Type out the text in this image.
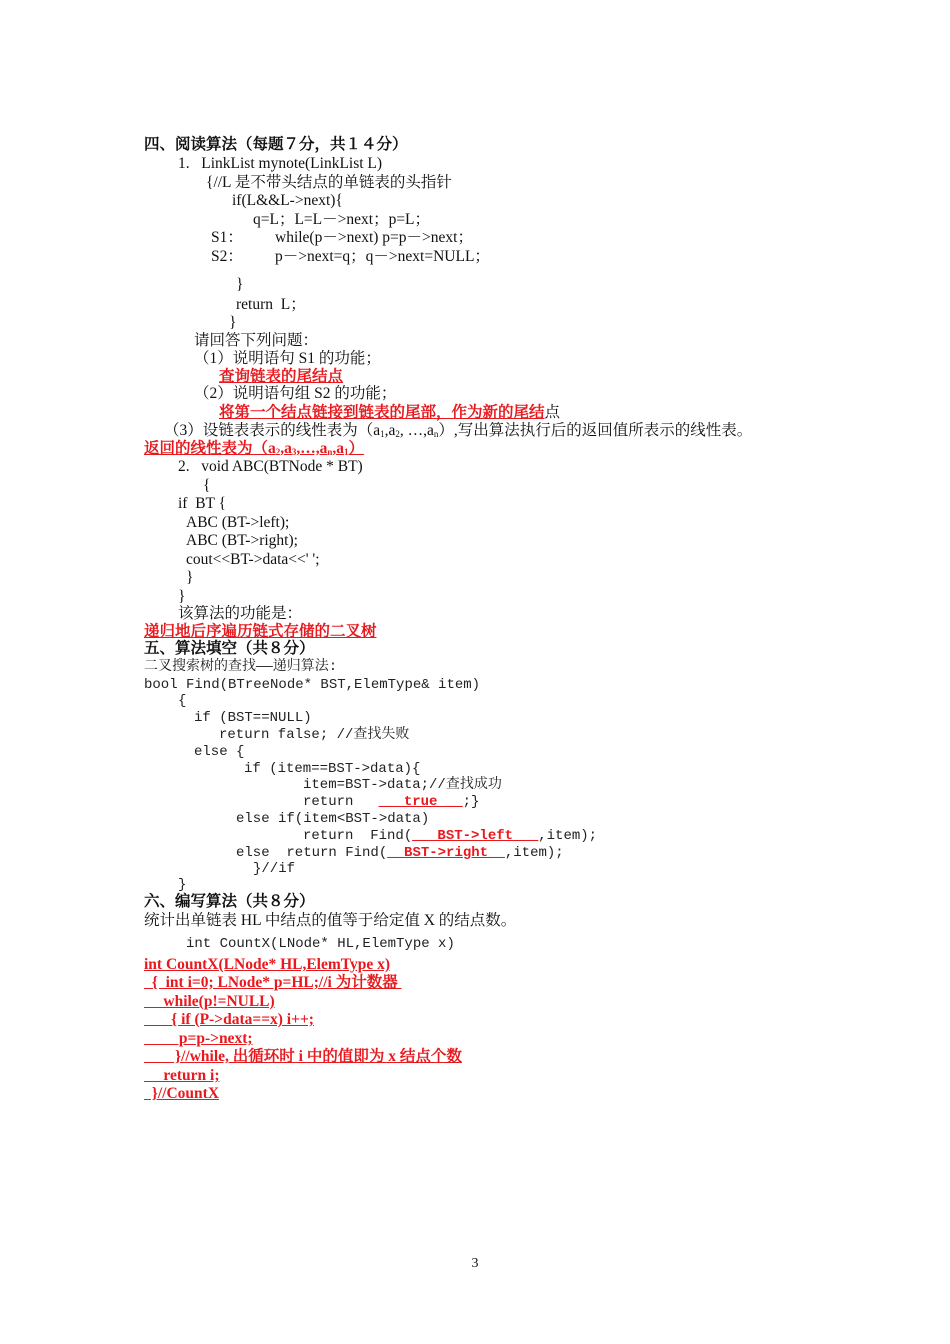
四、阅读算法（每题７分，共１４分）
1.   LinkList mynote(LinkList L)
{//L 是不带头结点的单链表的头指针
if(L&&L->next){
q=L；L=L－>next；p=L；
S1： while(p－>next) p=p－>next；
S2： p－>next=q；q－>next=NULL；
}
return  L；
}
请回答下列问题：
（1）说明语句 S1 的功能；
查询链表的尾结点
（2）说明语句组 S2 的功能；
将第一个结点链接到链表的尾部，作为新的尾结点
（3）设链表表示的线性表为（$a_1,a_2$, $\dots,a_n$）,写出算法执行后的返回值所表示的线性表。
返回的线性表为$(a_2,a_3,\dots,a_n,a_1)$
2.   void ABC(BTNode * BT)
{
if  BT {
ABC (BT->left);
ABC (BT->right);
cout<<BT->data<<' ';
}
}
该算法的功能是：
递归地后序遍历链式存储的二叉树
五、算法填空（共８分）
二叉搜索树的查找——递归算法:
bool Find(BTreeNode* BST,ElemType& item)
{
if (BST==NULL)
return false; //查找失败
else {
if (item==BST->data){
item=BST->data;//查找成功
return   __ true __;}
else if(item<BST->data)
return  Find(__ BST->left __,item);
else  return Find(__BST->right__,item);
}//if
}
六、编写算法（共８分）
统计出单链表 HL 中结点的值等于给定值 X 的结点数。
int CountX(LNode* HL,ElemType x)
int CountX(LNode* HL,ElemType x)
{  int i=0; LNode* p=HL;//i 为计数器
while(p!=NULL)
{ if (P->data==x) i++;
p=p->next;
}//while, 出循环时 i 中的值即为 x 结点个数
return i;
}//CountX
3
